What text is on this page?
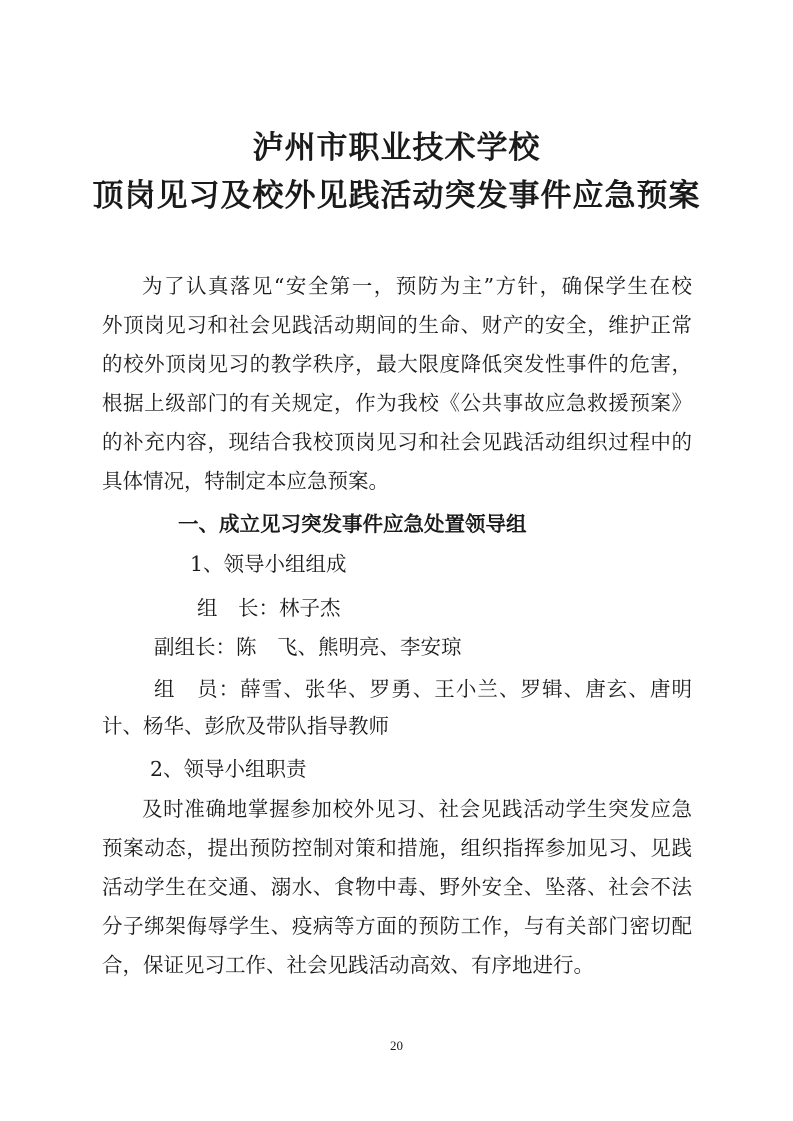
泸州市职业技术学校
顶岗见习及校外见践活动突发事件应急预案

为了认真落见“安全第一，预防为主”方针，确保学生在校

外顶岗见习和社会见践活动期间的生命、财产的安全，维护正常

的校外顶岗见习的教学秩序，最大限度降低突发性事件的危害，

根据上级部门的有关规定，作为我校《公共事故应急救援预案》

的补充内容，现结合我校顶岗见习和社会见践活动组织过程中的

具体情况，特制定本应急预案。

一、成立见习突发事件应急处置领导组

1、领导小组组成

组　长：林子杰

副组长：陈　飞、熊明亮、李安琼

组　员：薛雪、张华、罗勇、王小兰、罗辑、唐玄、唐明

计、杨华、彭欣及带队指导教师

2、领导小组职责

及时准确地掌握参加校外见习、社会见践活动学生突发应急

预案动态，提出预防控制对策和措施，组织指挥参加见习、见践

活动学生在交通、溺水、食物中毒、野外安全、坠落、社会不法

分子绑架侮辱学生、疫病等方面的预防工作，与有关部门密切配

合，保证见习工作、社会见践活动高效、有序地进行。

20
